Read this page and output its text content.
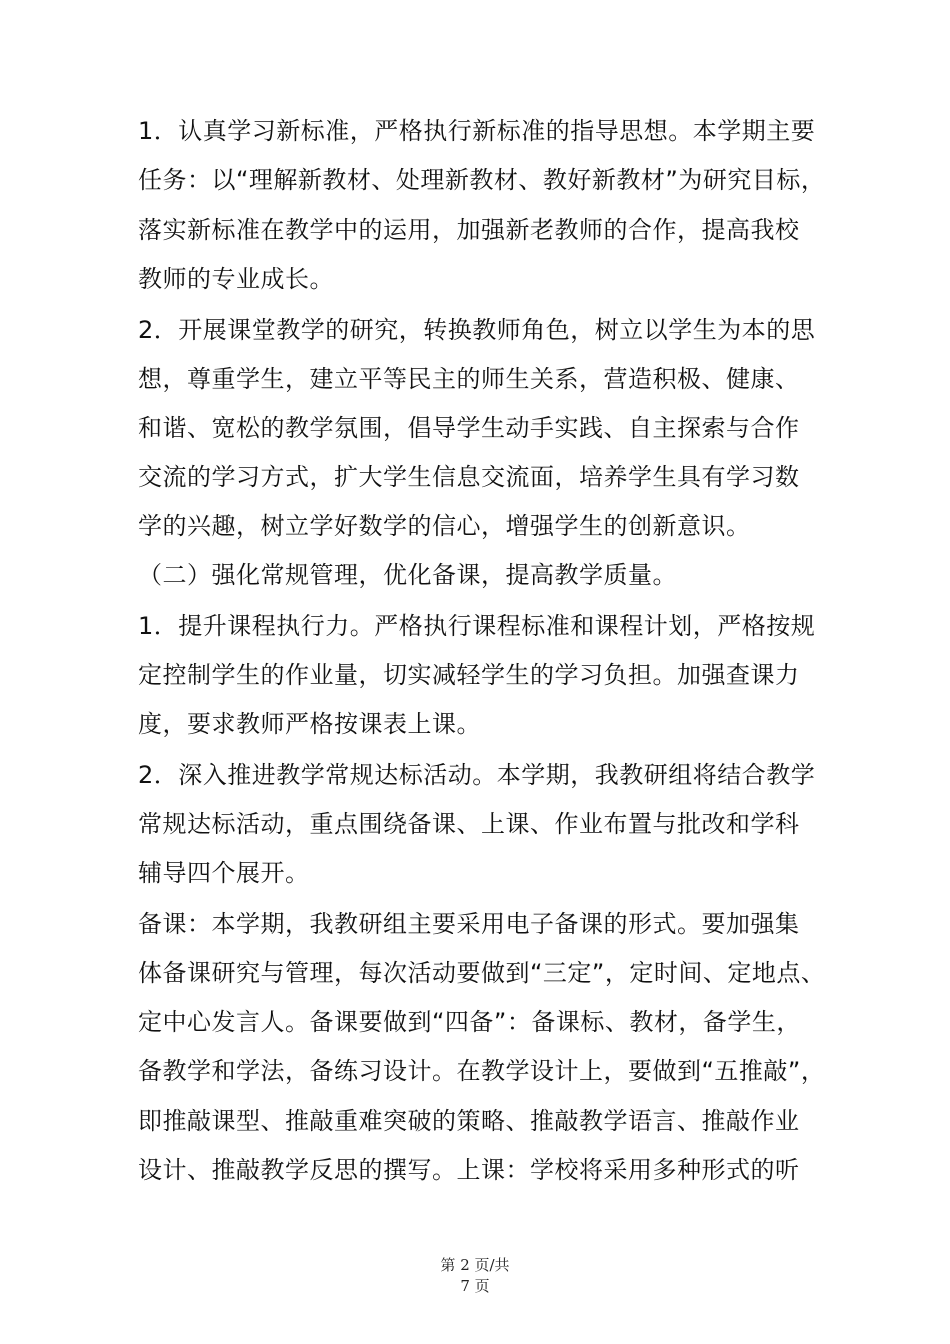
1．认真学习新标准，严格执行新标准的指导思想。本学期主要
任务：以“理解新教材、处理新教材、教好新教材”为研究目标，
落实新标准在教学中的运用，加强新老教师的合作，提高我校
教师的专业成长。
2．开展课堂教学的研究，转换教师角色，树立以学生为本的思
想，尊重学生，建立平等民主的师生关系，营造积极、健康、
和谐、宽松的教学氛围，倡导学生动手实践、自主探索与合作
交流的学习方式，扩大学生信息交流面，培养学生具有学习数
学的兴趣，树立学好数学的信心，增强学生的创新意识。
（二）强化常规管理，优化备课，提高教学质量。
1．提升课程执行力。严格执行课程标准和课程计划，严格按规
定控制学生的作业量，切实减轻学生的学习负担。加强查课力
度，要求教师严格按课表上课。
2．深入推进教学常规达标活动。本学期，我教研组将结合教学
常规达标活动，重点围绕备课、上课、作业布置与批改和学科
辅导四个展开。
备课：本学期，我教研组主要采用电子备课的形式。要加强集
体备课研究与管理，每次活动要做到“三定”，定时间、定地点、
定中心发言人。备课要做到“四备”：备课标、教材，备学生，
备教学和学法，备练习设计。在教学设计上，要做到“五推敲”，
即推敲课型、推敲重难突破的策略、推敲教学语言、推敲作业
设计、推敲教学反思的撰写。上课：学校将采用多种形式的听
第 2 页/共
7 页
